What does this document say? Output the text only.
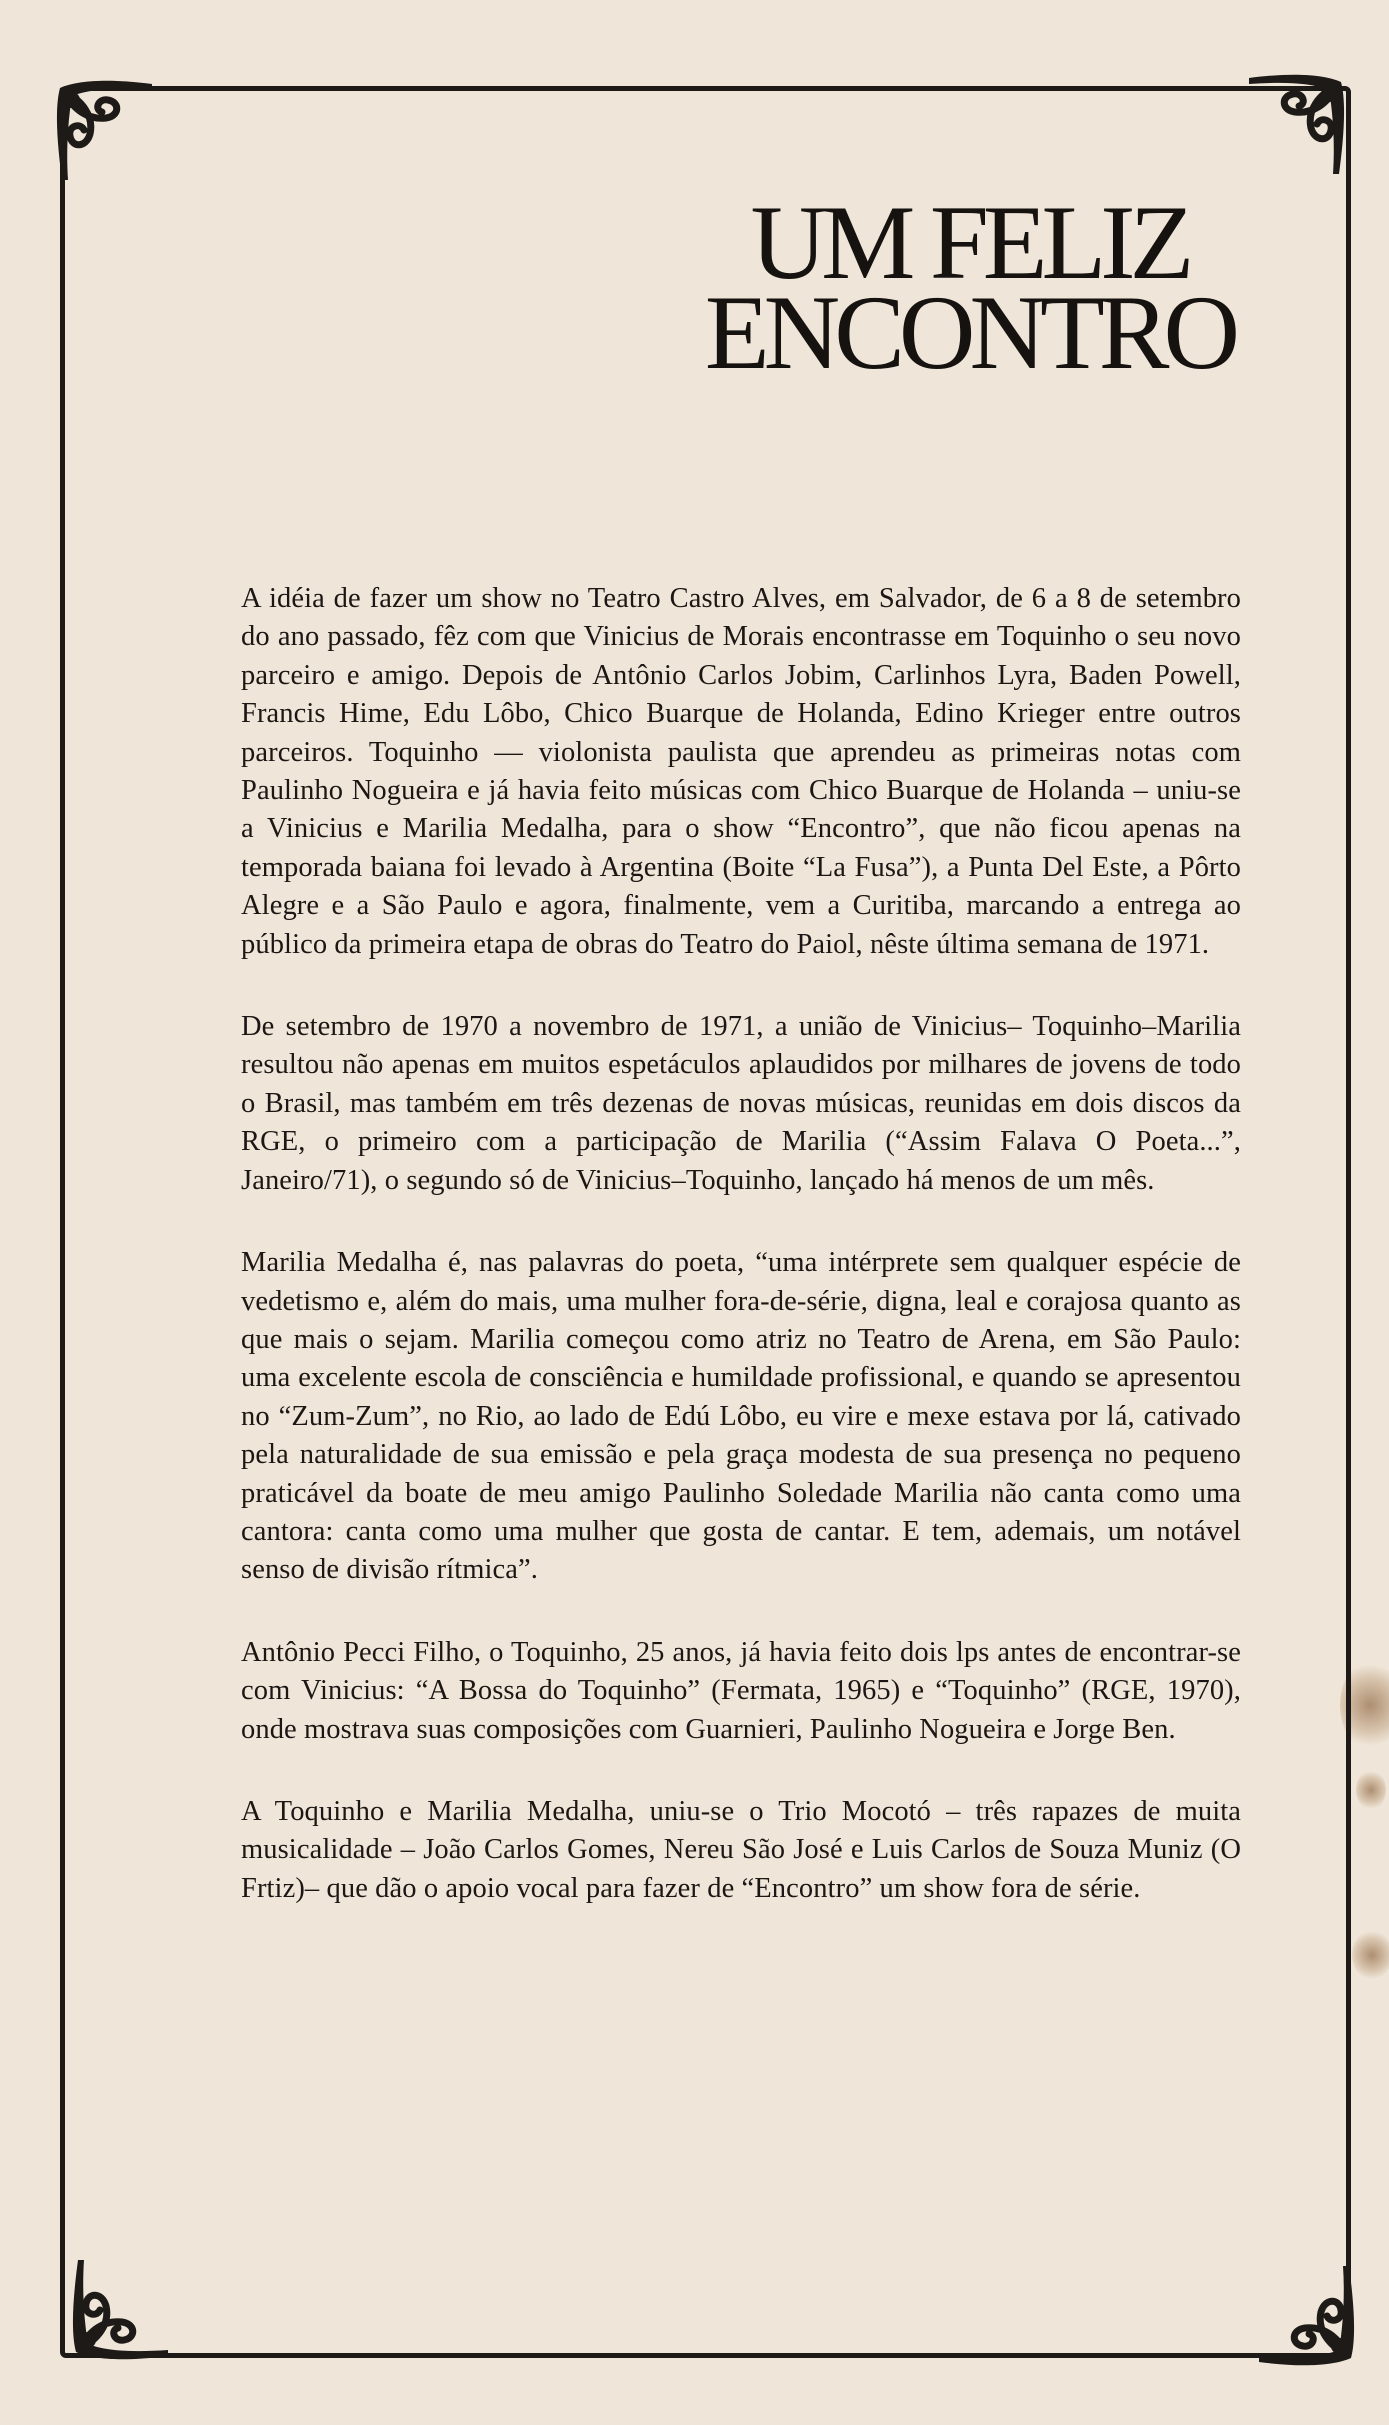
UM FELIZ
ENCONTRO

A idéia de fazer um show no Teatro Castro Alves, em Salvador, de 6 a 8 de setembro do ano passado, fêz com que Vinicius de Morais encontrasse em Toquinho o seu novo parceiro e amigo. Depois de Antônio Carlos Jobim, Carlinhos Lyra, Baden Powell, Francis Hime, Edu Lôbo, Chico Buarque de Holanda, Edino Krieger entre outros parceiros. Toquinho — violonista paulista que aprendeu as primeiras notas com Paulinho Nogueira e já havia feito músicas com Chico Buarque de Holanda – uniu-se a Vinicius e Marilia Medalha, para o show “Encontro”, que não ficou apenas na temporada baiana foi levado à Argentina (Boite “La Fusa”), a Punta Del Este, a Pôrto Alegre e a São Paulo e agora, finalmente, vem a Curitiba, marcando a entrega ao público da primeira etapa de obras do Teatro do Paiol, nêste última semana de 1971.

De setembro de 1970 a novembro de 1971, a união de Vinicius– Toquinho–Marilia resultou não apenas em muitos espetáculos aplaudidos por milhares de jovens de todo o Brasil, mas também em três dezenas de novas músicas, reunidas em dois discos da RGE, o primeiro com a participação de Marilia (“Assim Falava O Poeta...”, Janeiro/71), o segundo só de Vinicius–Toquinho, lançado há menos de um mês.

Marilia Medalha é, nas palavras do poeta, “uma intérprete sem qualquer espécie de vedetismo e, além do mais, uma mulher fora-de-série, digna, leal e corajosa quanto as que mais o sejam. Marilia começou como atriz no Teatro de Arena, em São Paulo: uma excelente escola de consciência e humildade profissional, e quando se apresentou no “Zum-Zum”, no Rio, ao lado de Edú Lôbo, eu vire e mexe estava por lá, cativado pela naturalidade de sua emissão e pela graça modesta de sua presença no pequeno praticável da boate de meu amigo Paulinho Soledade Marilia não canta como uma cantora: canta como uma mulher que gosta de cantar. E tem, ademais, um notável senso de divisão rítmica”.

Antônio Pecci Filho, o Toquinho, 25 anos, já havia feito dois lps antes de encontrar-se com Vinicius: “A Bossa do Toquinho” (Fermata, 1965) e “Toquinho” (RGE, 1970), onde mostrava suas composições com Guarnieri, Paulinho Nogueira e Jorge Ben.

A Toquinho e Marilia Medalha, uniu-se o Trio Mocotó – três rapazes de muita musicalidade – João Carlos Gomes, Nereu São José e Luis Carlos de Souza Muniz (O Frtiz)– que dão o apoio vocal para fazer de “Encontro” um show fora de série.
